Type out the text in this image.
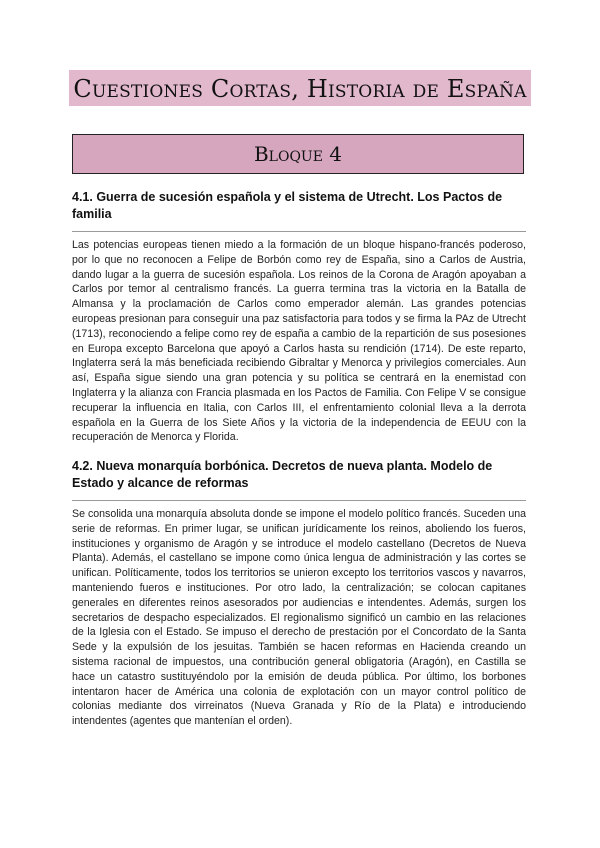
Cuestiones Cortas, Historia de España
Bloque 4
4.1. Guerra de sucesión española y el sistema de Utrecht. Los Pactos de familia

Las potencias europeas tienen miedo a la formación de un bloque hispano-francés poderoso, por lo que no reconocen a Felipe de Borbón como rey de España, sino a Carlos de Austria, dando lugar a la guerra de sucesión española. Los reinos de la Corona de Aragón apoyaban a Carlos por temor al centralismo francés. La guerra termina tras la victoria en la Batalla de Almansa y la proclamación de Carlos como emperador alemán. Las grandes potencias europeas presionan para conseguir una paz satisfactoria para todos y se firma la PAz de Utrecht (1713), reconociendo a felipe como rey de españa a cambio de la repartición de sus posesiones en Europa excepto Barcelona que apoyó a Carlos hasta su rendición (1714). De este reparto, Inglaterra será la más beneficiada recibiendo Gibraltar y Menorca y privilegios comerciales. Aun así, España sigue siendo una gran potencia y su política se centrará en la enemistad con Inglaterra y la alianza con Francia plasmada en los Pactos de Familia. Con Felipe V se consigue recuperar la influencia en Italia, con Carlos III, el enfrentamiento colonial lleva a la derrota española en la Guerra de los Siete Años y la victoria de la independencia de EEUU con la recuperación de Menorca y Florida.

4.2. Nueva monarquía borbónica. Decretos de nueva planta. Modelo de Estado y alcance de reformas

Se consolida una monarquía absoluta donde se impone el modelo político francés. Suceden una serie de reformas. En primer lugar, se unifican jurídicamente los reinos, aboliendo los fueros, instituciones y organismo de Aragón y se introduce el modelo castellano (Decretos de Nueva Planta). Además, el castellano se impone como única lengua de administración y las cortes se unifican. Políticamente, todos los territorios se unieron excepto los territorios vascos y navarros, manteniendo fueros e instituciones. Por otro lado, la centralización; se colocan capitanes generales en diferentes reinos asesorados por audiencias e intendentes. Además, surgen los secretarios de despacho especializados. El regionalismo significó un cambio en las relaciones de la Iglesia con el Estado. Se impuso el derecho de prestación por el Concordato de la Santa Sede y la expulsión de los jesuitas. También se hacen reformas en Hacienda creando un sistema racional de impuestos, una contribución general obligatoria (Aragón), en Castilla se hace un catastro sustituyéndolo por la emisión de deuda pública. Por último, los borbones intentaron hacer de América una colonia de explotación con un mayor control político de colonias mediante dos virreinatos (Nueva Granada y Río de la Plata) e introduciendo intendentes (agentes que mantenían el orden).
